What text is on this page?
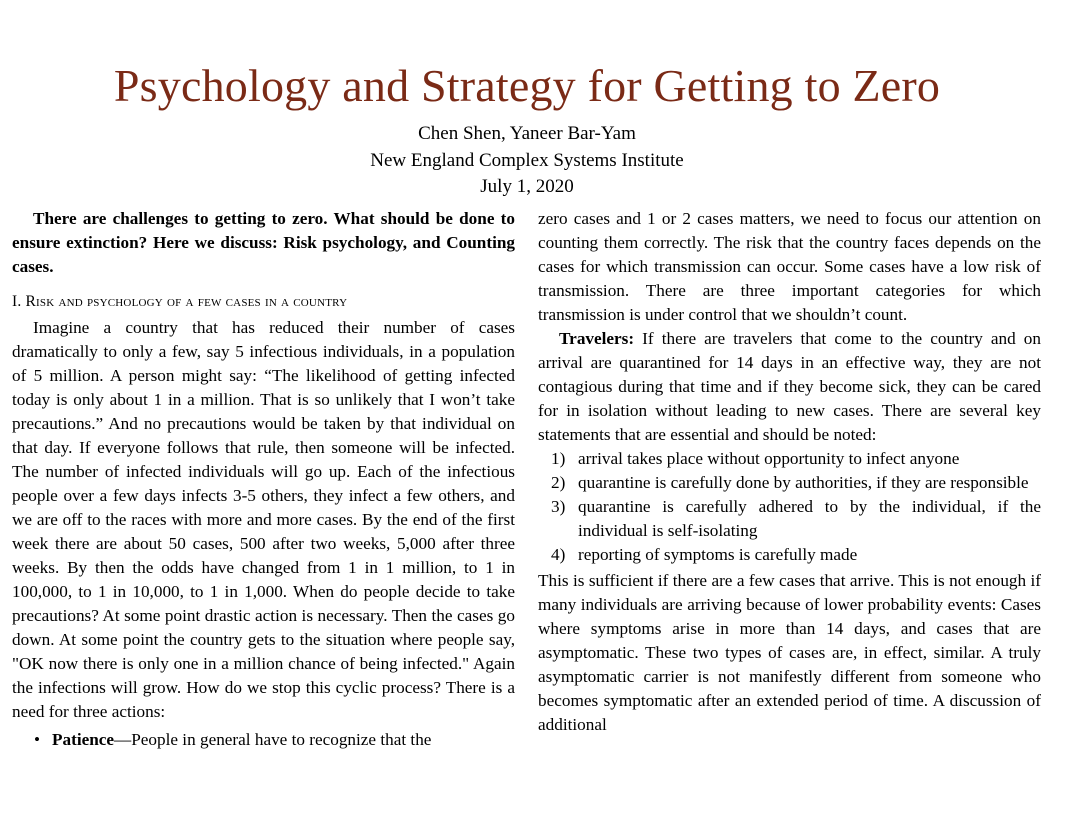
Psychology and Strategy for Getting to Zero
Chen Shen, Yaneer Bar-Yam
New England Complex Systems Institute
July 1, 2020

There are challenges to getting to zero. What should be done to ensure extinction? Here we discuss: Risk psychology, and Counting cases.

I. Risk and psychology of a few cases in a country

Imagine a country that has reduced their number of cases dramatically to only a few, say 5 infectious individuals, in a population of 5 million. A person might say: “The likelihood of getting infected today is only about 1 in a million. That is so unlikely that I won’t take precautions.” And no precautions would be taken by that individual on that day. If everyone follows that rule, then someone will be infected. The number of infected individuals will go up. Each of the infectious people over a few days infects 3-5 others, they infect a few others, and we are off to the races with more and more cases. By the end of the first week there are about 50 cases, 500 after two weeks, 5,000 after three weeks. By then the odds have changed from 1 in 1 million, to 1 in 100,000, to 1 in 10,000, to 1 in 1,000. When do people decide to take precautions? At some point drastic action is necessary. Then the cases go down. At some point the country gets to the situation where people say, "OK now there is only one in a million chance of being infected." Again the infections will grow. How do we stop this cyclic process? There is a need for three actions:

• Patience—People in general have to recognize that the

zero cases and 1 or 2 cases matters, we need to focus our attention on counting them correctly. The risk that the country faces depends on the cases for which transmission can occur. Some cases have a low risk of transmission. There are three important categories for which transmission is under control that we shouldn’t count.

Travelers: If there are travelers that come to the country and on arrival are quarantined for 14 days in an effective way, they are not contagious during that time and if they become sick, they can be cared for in isolation without leading to new cases. There are several key statements that are essential and should be noted:

1) arrival takes place without opportunity to infect anyone
2) quarantine is carefully done by authorities, if they are responsible
3) quarantine is carefully adhered to by the individual, if the individual is self-isolating
4) reporting of symptoms is carefully made

This is sufficient if there are a few cases that arrive. This is not enough if many individuals are arriving because of lower probability events: Cases where symptoms arise in more than 14 days, and cases that are asymptomatic. These two types of cases are, in effect, similar. A truly asymptomatic carrier is not manifestly different from someone who becomes symptomatic after an extended period of time. A discussion of additional
